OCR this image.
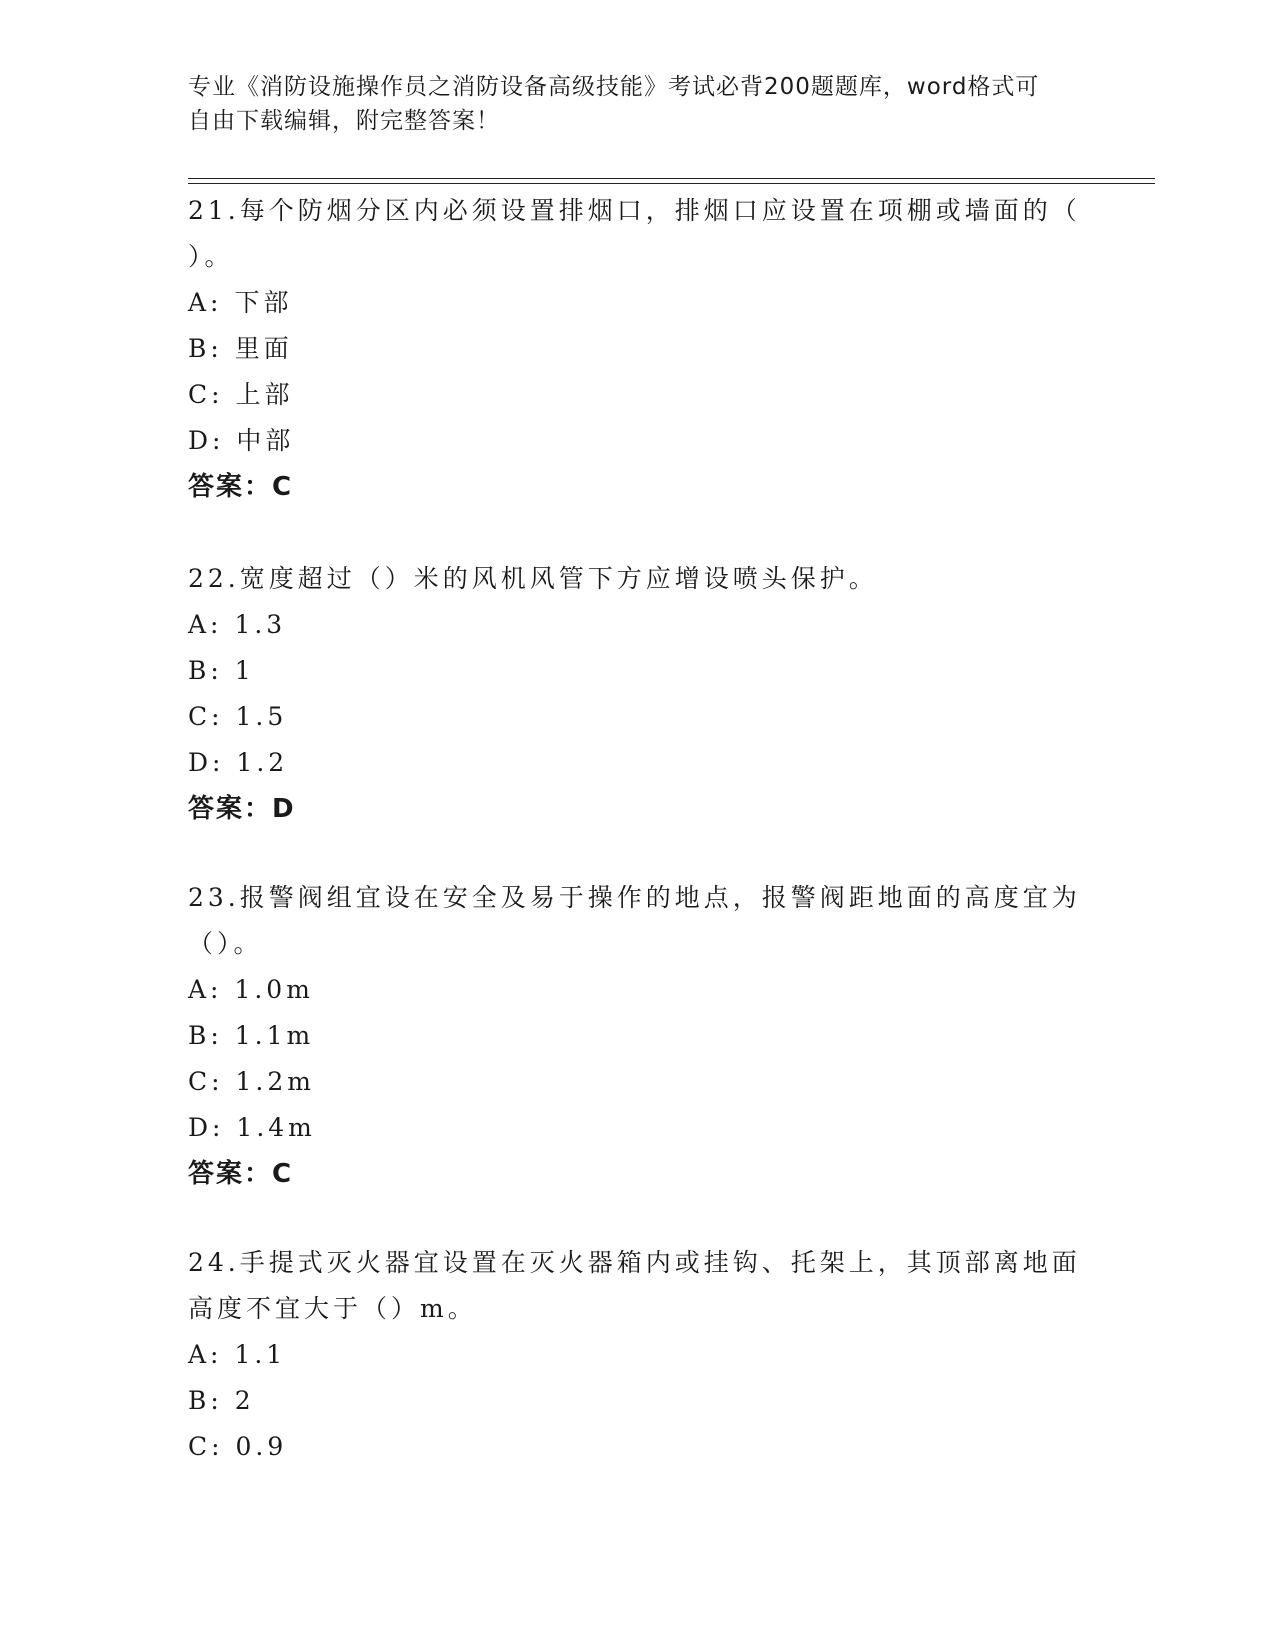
专业《消防设施操作员之消防设备高级技能》考试必背200题题库，word格式可
自由下载编辑，附完整答案！
21.每个防烟分区内必须设置排烟口，排烟口应设置在项棚或墙面的（
）。
A: 下部
B: 里面
C: 上部
D: 中部
答案：C
22.宽度超过（）米的风机风管下方应增设喷头保护。
A: 1.3
B: 1
C: 1.5
D: 1.2
答案：D
23.报警阀组宜设在安全及易于操作的地点，报警阀距地面的高度宜为
（）。
A: 1.0m
B: 1.1m
C: 1.2m
D: 1.4m
答案：C
24.手提式灭火器宜设置在灭火器箱内或挂钩、托架上，其顶部离地面
高度不宜大于（）m。
A: 1.1
B: 2
C: 0.9
